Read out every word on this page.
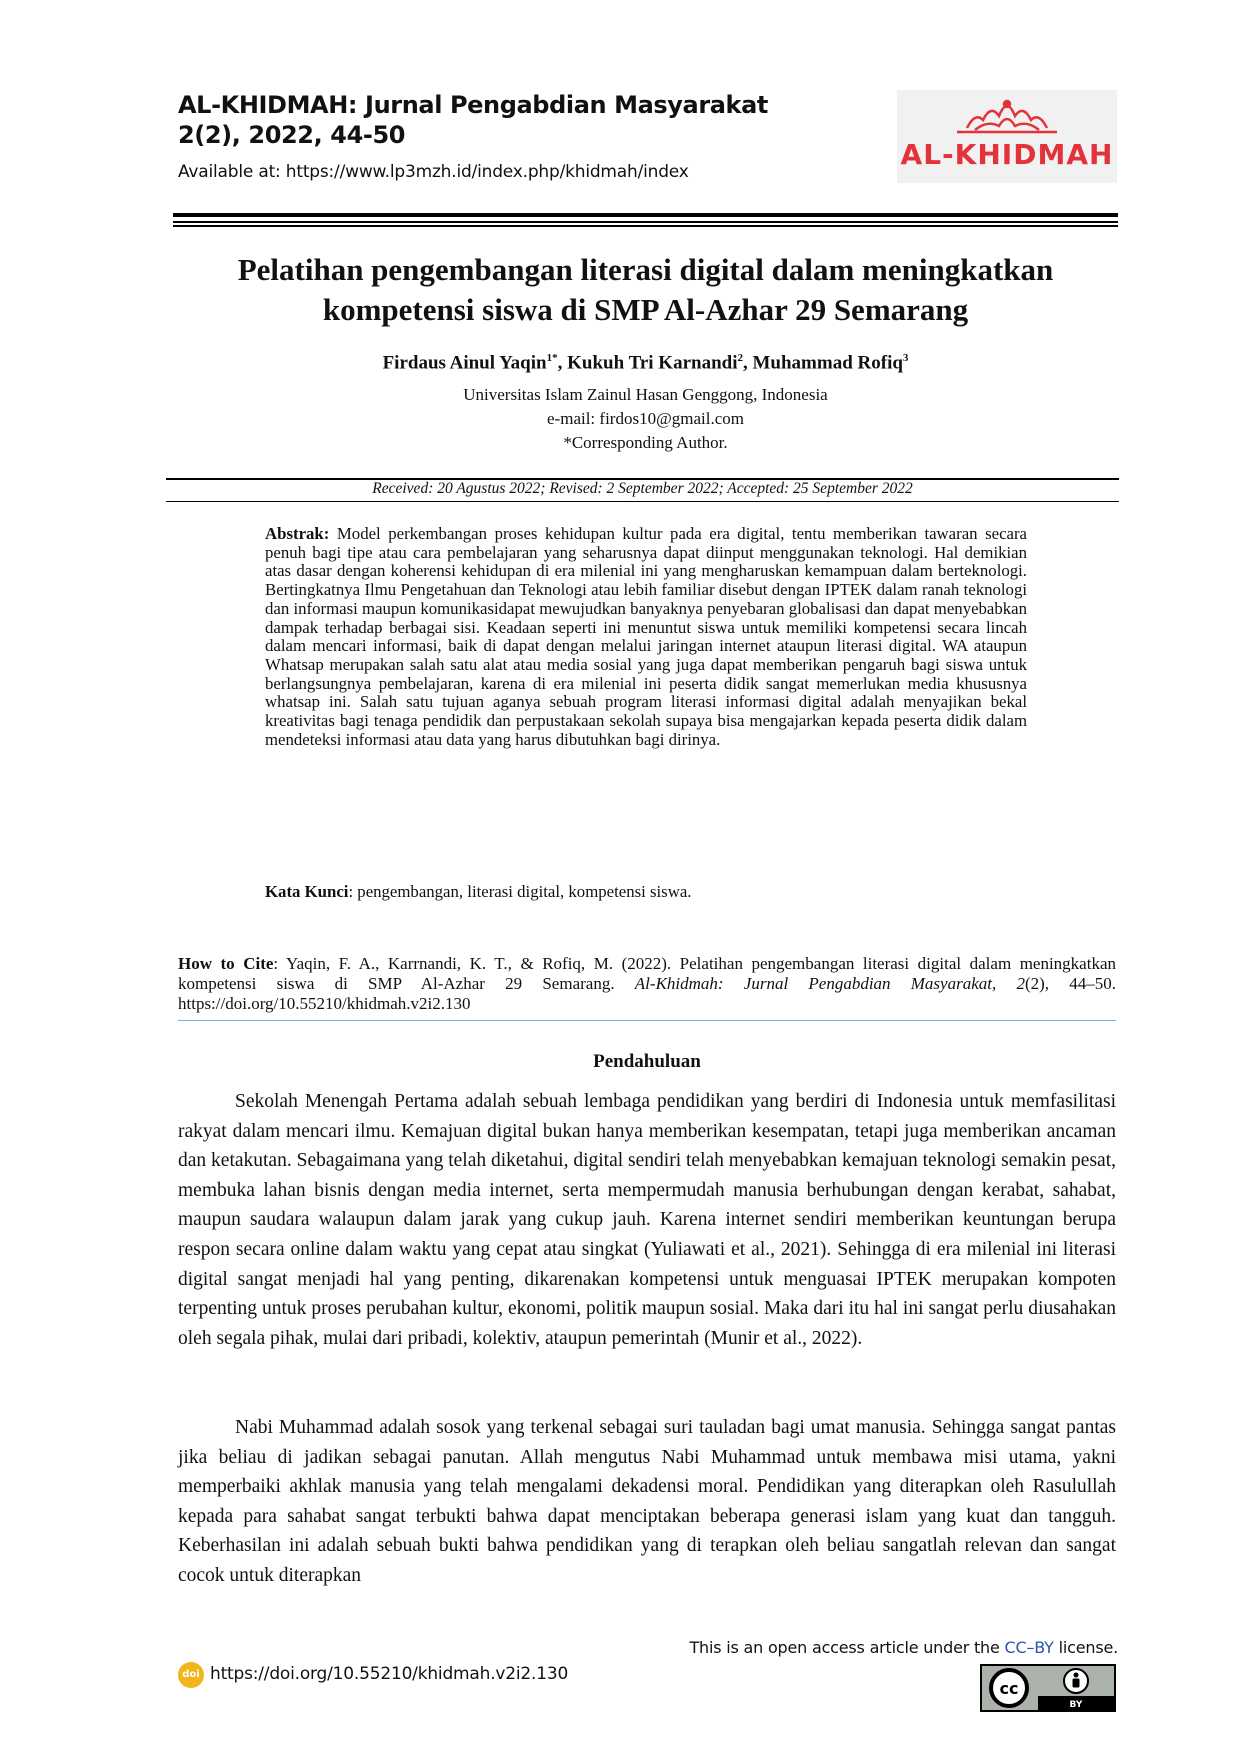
AL-KHIDMAH: Jurnal Pengabdian Masyarakat
2(2), 2022, 44-50
Available at: https://www.lp3mzh.id/index.php/khidmah/index
AL-KHIDMAH
Pelatihan pengembangan literasi digital dalam meningkatkan
kompetensi siswa di SMP Al-Azhar 29 Semarang
Firdaus Ainul Yaqin$^{1*}$, Kukuh Tri Karnandi$^2$, Muhammad Rofiq$^3$
Universitas Islam Zainul Hasan Genggong, Indonesia
e-mail: firdos10@gmail.com
*Corresponding Author.
Received: 20 Agustus 2022; Revised: 2 September 2022; Accepted: 25 September 2022
Abstrak: Model perkembangan proses kehidupan kultur pada era digital, tentu memberikan tawaran secara penuh bagi tipe atau cara pembelajaran yang seharusnya dapat diinput menggunakan teknologi. Hal demikian atas dasar dengan koherensi kehidupan di era milenial ini yang mengharuskan kemampuan dalam berteknologi. Bertingkatnya Ilmu Pengetahuan dan Teknologi atau lebih familiar disebut dengan IPTEK dalam ranah teknologi dan informasi maupun komunikasidapat mewujudkan banyaknya penyebaran globalisasi dan dapat menyebabkan dampak terhadap berbagai sisi. Keadaan seperti ini menuntut siswa untuk memiliki kompetensi secara lincah dalam mencari informasi, baik di dapat dengan melalui jaringan internet ataupun literasi digital. WA ataupun Whatsap merupakan salah satu alat atau media sosial yang juga dapat memberikan pengaruh bagi siswa untuk berlangsungnya pembelajaran, karena di era milenial ini peserta didik sangat memerlukan media khususnya whatsap ini. Salah satu tujuan aganya sebuah program literasi informasi digital adalah menyajikan bekal kreativitas bagi tenaga pendidik dan perpustakaan sekolah supaya bisa mengajarkan kepada peserta didik dalam mendeteksi informasi atau data yang harus dibutuhkan bagi dirinya.
Kata Kunci: pengembangan, literasi digital, kompetensi siswa.
How to Cite: Yaqin, F. A., Karrnandi, K. T., & Rofiq, M. (2022). Pelatihan pengembangan literasi digital dalam meningkatkan kompetensi siswa di SMP Al-Azhar 29 Semarang. Al-Khidmah: Jurnal Pengabdian Masyarakat, 2(2), 44–50. https://doi.org/10.55210/khidmah.v2i2.130
Pendahuluan
Sekolah Menengah Pertama adalah sebuah lembaga pendidikan yang berdiri di Indonesia untuk memfasilitasi rakyat dalam mencari ilmu. Kemajuan digital bukan hanya memberikan kesempatan, tetapi juga memberikan ancaman dan ketakutan. Sebagaimana yang telah diketahui, digital sendiri telah menyebabkan kemajuan teknologi semakin pesat, membuka lahan bisnis dengan media internet, serta mempermudah manusia berhubungan dengan kerabat, sahabat, maupun saudara walaupun dalam jarak yang cukup jauh. Karena internet sendiri memberikan keuntungan berupa respon secara online dalam waktu yang cepat atau singkat (Yuliawati et al., 2021). Sehingga di era milenial ini literasi digital sangat menjadi hal yang penting, dikarenakan kompetensi untuk menguasai IPTEK merupakan kompoten terpenting untuk proses perubahan kultur, ekonomi, politik maupun sosial. Maka dari itu hal ini sangat perlu diusahakan oleh segala pihak, mulai dari pribadi, kolektiv, ataupun pemerintah (Munir et al., 2022).
Nabi Muhammad adalah sosok yang terkenal sebagai suri tauladan bagi umat manusia. Sehingga sangat pantas jika beliau di jadikan sebagai panutan. Allah mengutus Nabi Muhammad untuk membawa misi utama, yakni memperbaiki akhlak manusia yang telah mengalami dekadensi moral. Pendidikan yang diterapkan oleh Rasulullah kepada para sahabat sangat terbukti bahwa dapat menciptakan beberapa generasi islam yang kuat dan tangguh. Keberhasilan ini adalah sebuah bukti bahwa pendidikan yang di terapkan oleh beliau sangatlah relevan dan sangat cocok untuk diterapkan
This is an open access article under the CC–BY license.
doi https://doi.org/10.55210/khidmah.v2i2.130
cc
BY
